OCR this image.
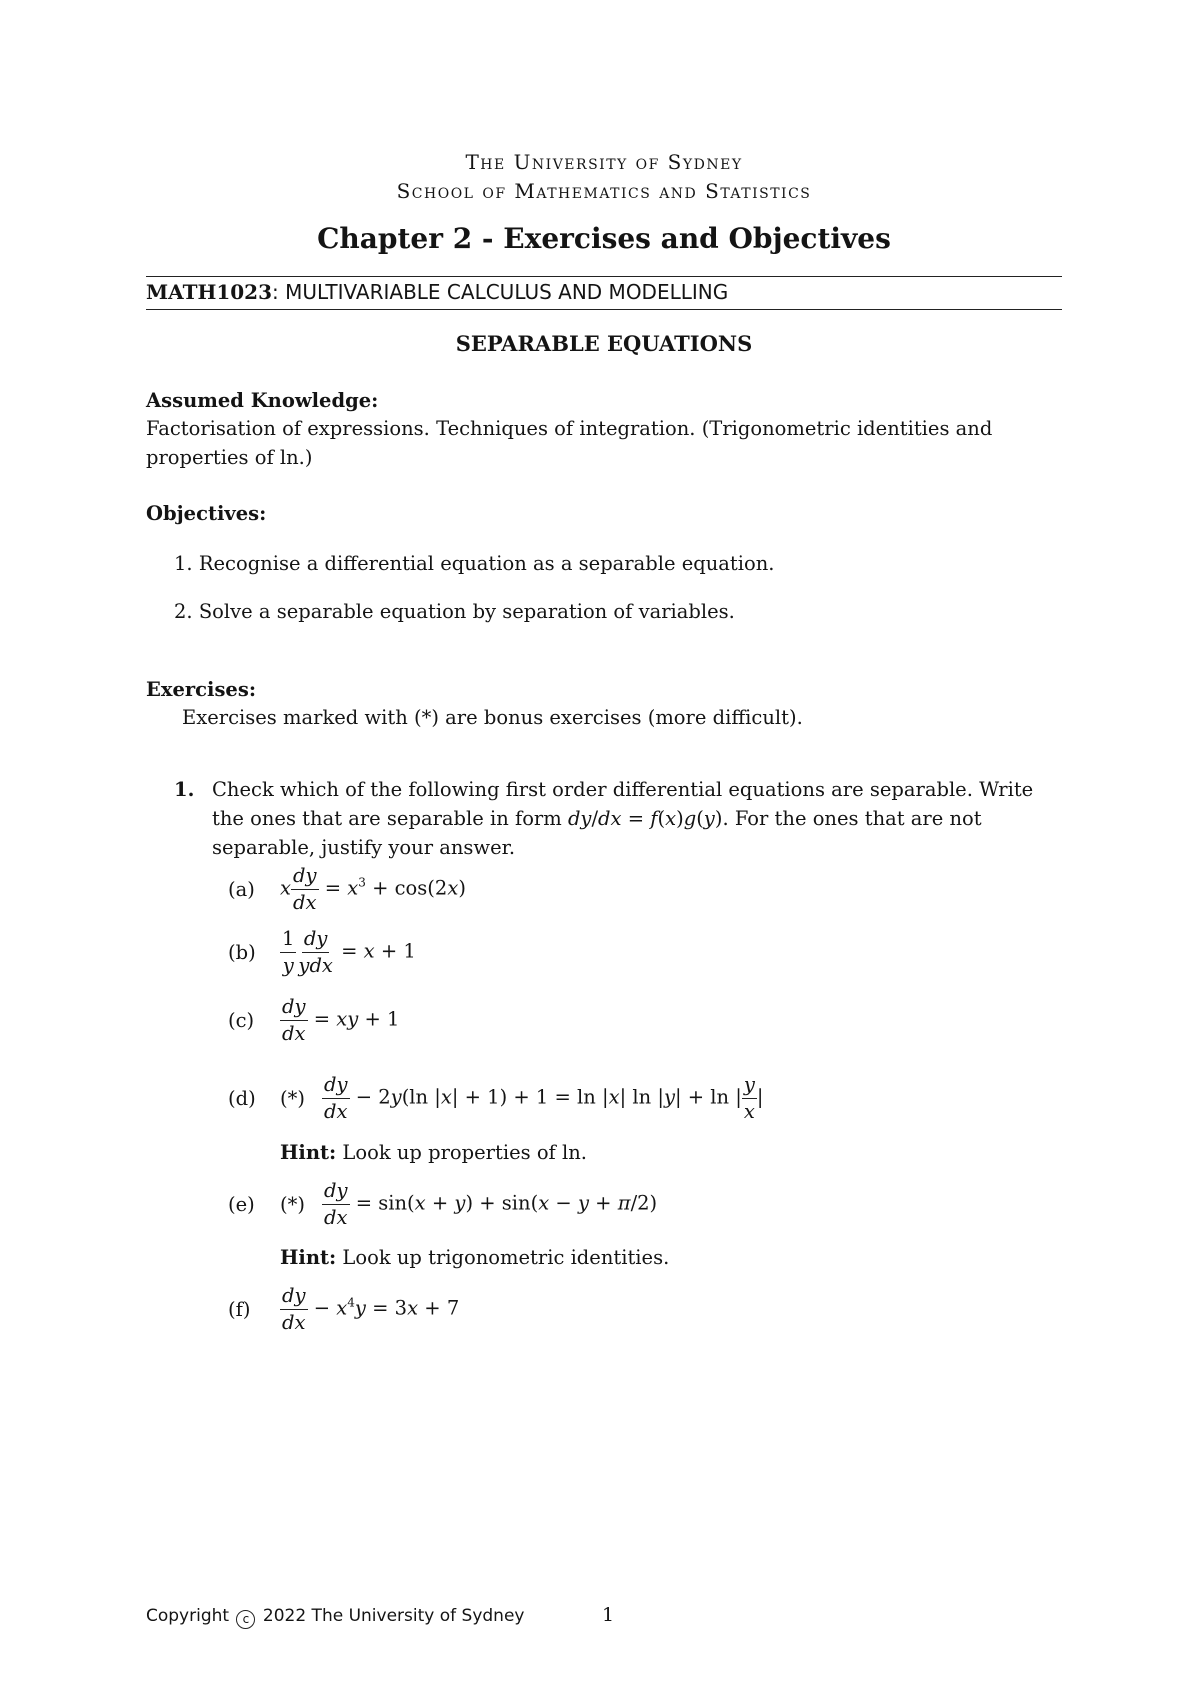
The University of Sydney
School of Mathematics and Statistics
Chapter 2 - Exercises and Objectives
MATH1023: MULTIVARIABLE CALCULUS AND MODELLING
SEPARABLE EQUATIONS
Assumed Knowledge:
Factorisation of expressions. Techniques of integration. (Trigonometric identities and
properties of ln.)
Objectives:
1. Recognise a differential equation as a separable equation.
2. Solve a separable equation by separation of variables.
Exercises:
Exercises marked with (*) are bonus exercises (more difficult).
1. Check which of the following first order differential equations are separable. Write
the ones that are separable in form dy/dx = f(x)g(y). For the ones that are not
separable, justify your answer.
(a)	x $\frac{dy}{dx} = x^3 + \cos(2x)$
(b)	$\frac{1}{y} \frac{dy}{\text{ydx}} = x + 1$
(c)	$\frac{dy}{dx}$ = xy + 1
(d)	(*) $\frac{dy}{dx} - 2y(\ln$ |x| + 1) + 1 = ln |x| ln |y| + ln | $\frac{y}{x}$ |
Hint: Look up properties of ln.
(e)	(*) $\frac{dy}{dx} = \sin(x + y) + \sin(x - y + \pi/2)$
Hint: Look up trigonometric identities.
(f)	$\frac{dy}{dx} - x^4y = 3x + 7$
Copyright c 2022 The University of Sydney	1
